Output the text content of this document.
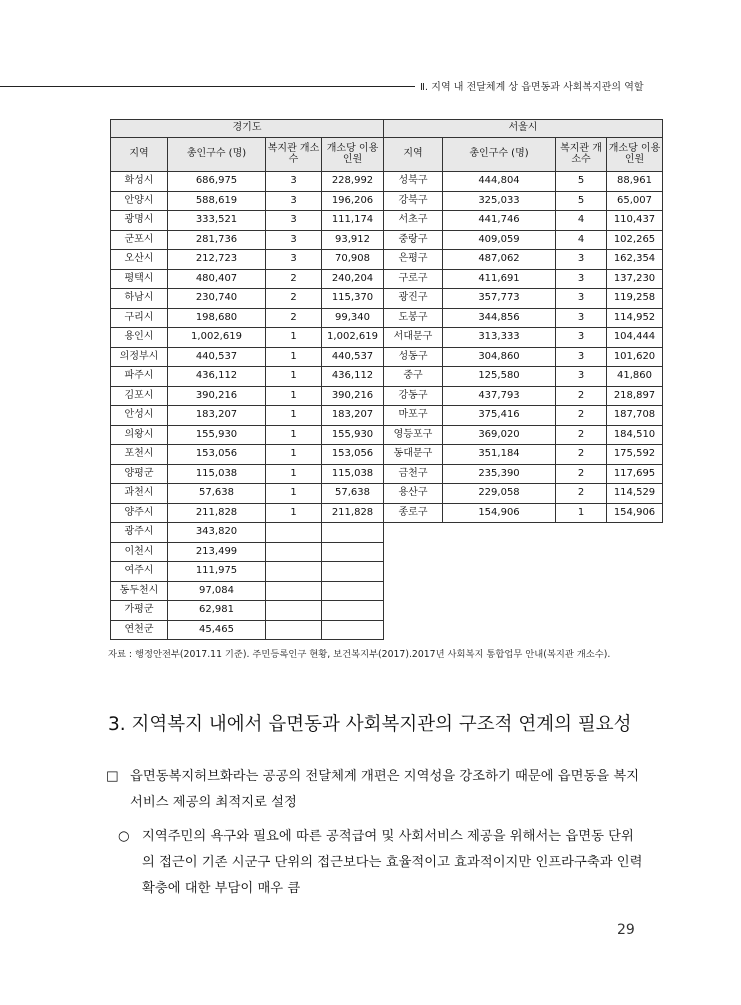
Ⅱ. 지역 내 전달체계 상 읍면동과 사회복지관의 역할
경기도				서울시			
지역	총인구수 (명)	복지관 개소수	개소당 이용인원	지역	총인구수 (명)	복지관 개소수	개소당 이용인원
화성시	686,975	3	228,992	성북구	444,804	5	88,961
안양시	588,619	3	196,206	강북구	325,033	5	65,007
광명시	333,521	3	111,174	서초구	441,746	4	110,437
군포시	281,736	3	93,912	중랑구	409,059	4	102,265
오산시	212,723	3	70,908	은평구	487,062	3	162,354
평택시	480,407	2	240,204	구로구	411,691	3	137,230
하남시	230,740	2	115,370	광진구	357,773	3	119,258
구리시	198,680	2	99,340	도봉구	344,856	3	114,952
용인시	1,002,619	1	1,002,619	서대문구	313,333	3	104,444
의정부시	440,537	1	440,537	성동구	304,860	3	101,620
파주시	436,112	1	436,112	중구	125,580	3	41,860
김포시	390,216	1	390,216	강동구	437,793	2	218,897
안성시	183,207	1	183,207	마포구	375,416	2	187,708
의왕시	155,930	1	155,930	영등포구	369,020	2	184,510
포천시	153,056	1	153,056	동대문구	351,184	2	175,592
양평군	115,038	1	115,038	금천구	235,390	2	117,695
과천시	57,638	1	57,638	용산구	229,058	2	114,529
양주시	211,828	1	211,828	종로구	154,906	1	154,906
광주시	343,820						
이천시	213,499						
여주시	111,975						
동두천시	97,084						
가평군	62,981						
연천군	45,465						
자료 : 행정안전부(2017.11 기준). 주민등록인구 현황, 보건복지부(2017).2017년 사회복지 통합업무 안내(복지관 개소수).
3. 지역복지 내에서 읍면동과 사회복지관의 구조적 연계의 필요성
□ 읍면동복지허브화라는 공공의 전달체계 개편은 지역성을 강조하기 때문에 읍면동을 복지서비스 제공의 최적지로 설정
○ 지역주민의 욕구와 필요에 따른 공적급여 및 사회서비스 제공을 위해서는 읍면동 단위의 접근이 기존 시군구 단위의 접근보다는 효율적이고 효과적이지만 인프라구축과 인력 확충에 대한 부담이 매우 큼
29
